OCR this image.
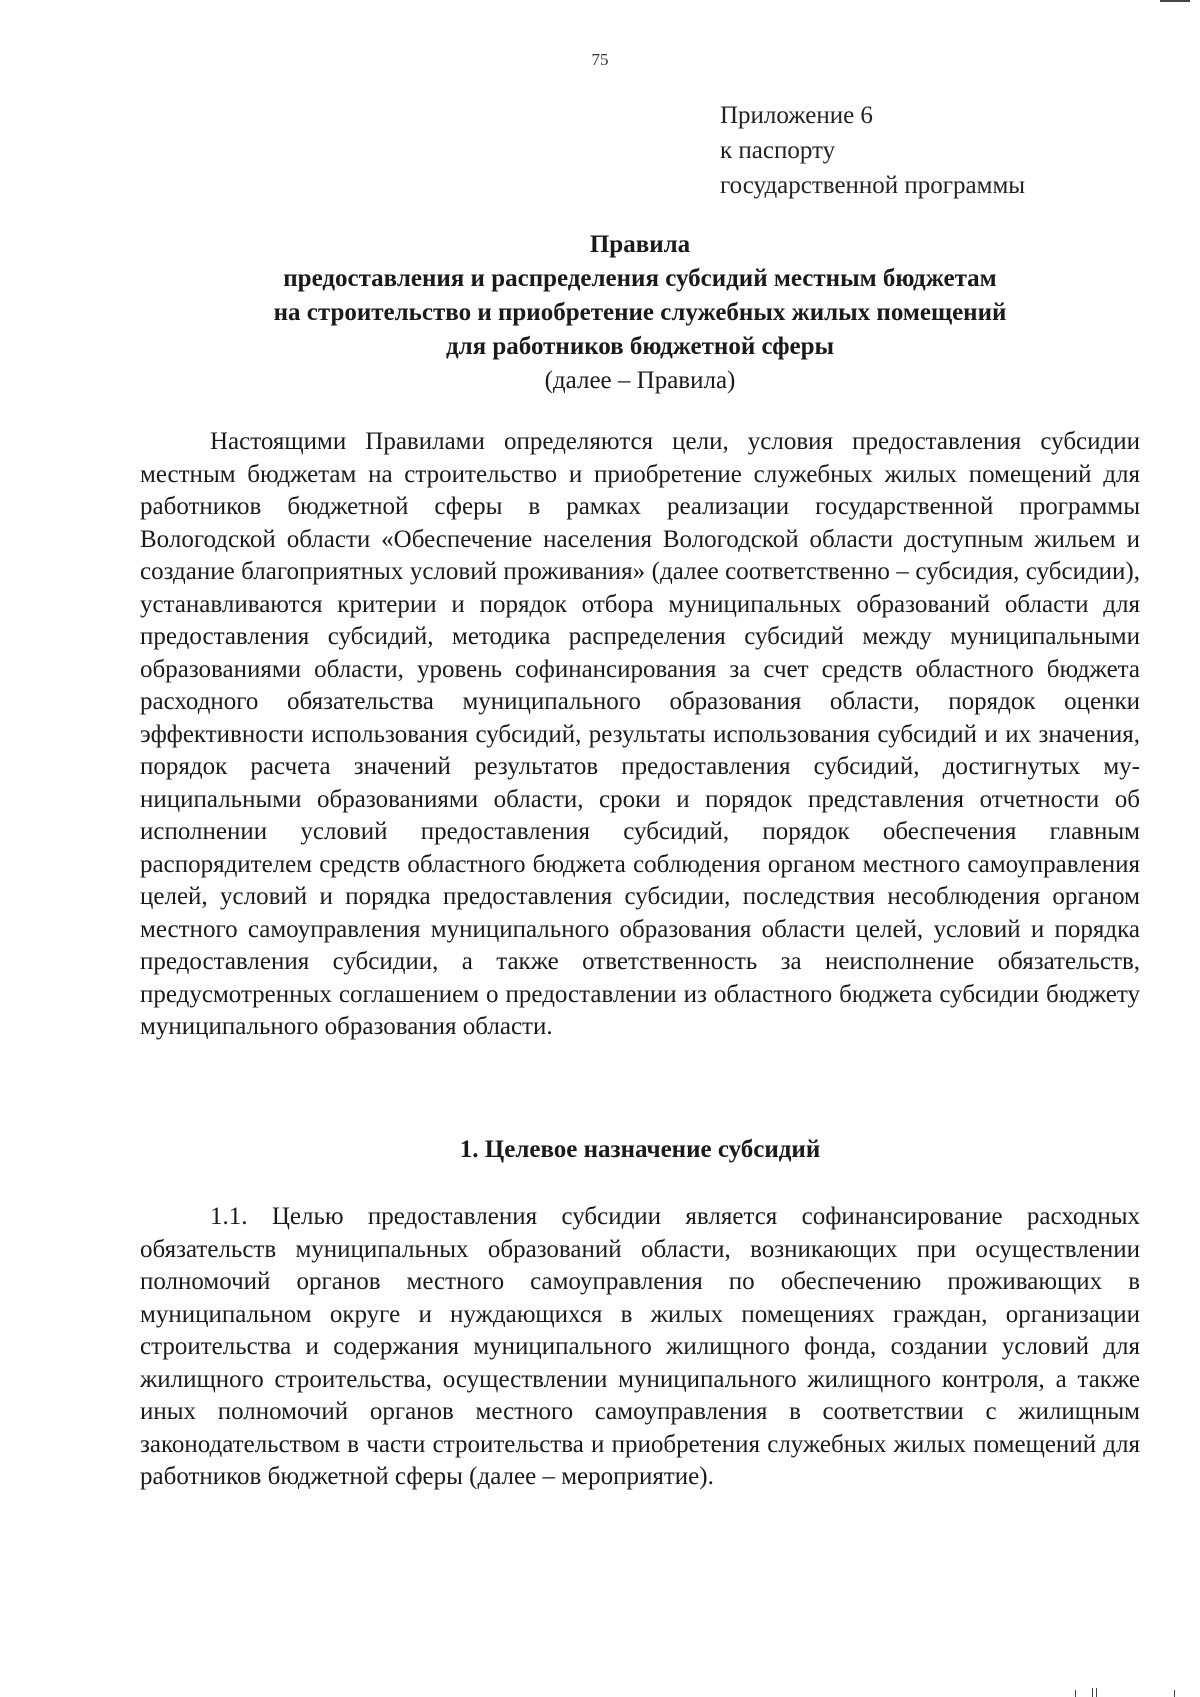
75
Приложение 6
к паспорту
государственной программы
Правила
предоставления и распределения субсидий местным бюджетам
на строительство и приобретение служебных жилых помещений
для работников бюджетной сферы
(далее – Правила)

Настоящими Правилами определяются цели, условия предоставления субсидии местным бюджетам на строительство и приобретение служебных жилых помещений для работников бюджетной сферы в рамках реализации государственной программы Вологодской области «Обеспечение населения Вологодской области доступным жильем и создание благоприятных условий проживания» (далее соответственно – субсидия, субсидии), устанавливаются критерии и порядок отбора муниципальных образований области для предоставления субсидий, методика распределения субсидий между муниципальными образованиями области, уровень софинансирования за счет средств областного бюджета расходного обязательства муниципального образования области, порядок оценки эффективности использования субсидий, результаты использования субсидий и их значения, порядок расчета значений результатов предоставления субсидий, достигнутых муниципальными образованиями области, сроки и порядок представления отчетности об исполнении условий предоставления субсидий, порядок обеспечения главным распорядителем средств областного бюджета соблюдения органом местного самоуправления целей, условий и порядка предоставления субсидии, последствия несоблюдения органом местного самоуправления муниципального образования области целей, условий и порядка предоставления субсидии, а также ответственность за неисполнение обязательств, предусмотренных соглашением о предоставлении из областного бюджета субсидии бюджету муниципального образования области.

1. Целевое назначение субсидий

1.1. Целью предоставления субсидии является софинансирование расходных обязательств муниципальных образований области, возникающих при осуществлении полномочий органов местного самоуправления по обеспечению проживающих в муниципальном округе и нуждающихся в жилых помещениях граждан, организации строительства и содержания муниципального жилищного фонда, создании условий для жилищного строительства, осуществлении муниципального жилищного контроля, а также иных полномочий органов местного самоуправления в соответствии с жилищным законодательством в части строительства и приобретения служебных жилых помещений для работников бюджетной сферы (далее – мероприятие).
